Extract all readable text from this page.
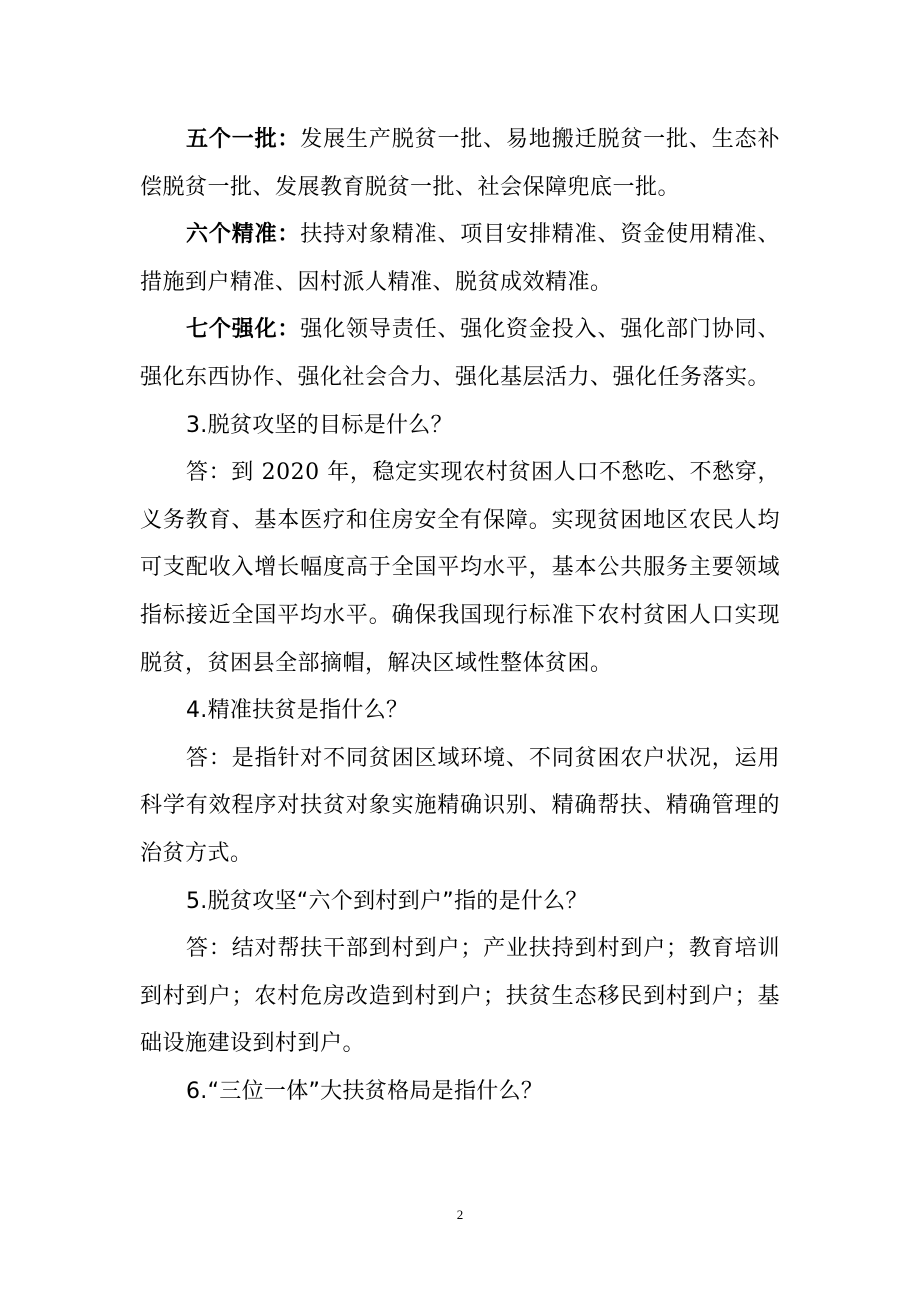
五个一批：发展生产脱贫一批、易地搬迁脱贫一批、生态补偿脱贫一批、发展教育脱贫一批、社会保障兜底一批。

六个精准：扶持对象精准、项目安排精准、资金使用精准、措施到户精准、因村派人精准、脱贫成效精准。

七个强化：强化领导责任、强化资金投入、强化部门协同、强化东西协作、强化社会合力、强化基层活力、强化任务落实。

3.脱贫攻坚的目标是什么？

答：到 2020 年，稳定实现农村贫困人口不愁吃、不愁穿，义务教育、基本医疗和住房安全有保障。实现贫困地区农民人均可支配收入增长幅度高于全国平均水平，基本公共服务主要领域指标接近全国平均水平。确保我国现行标准下农村贫困人口实现脱贫，贫困县全部摘帽，解决区域性整体贫困。

4.精准扶贫是指什么？

答：是指针对不同贫困区域环境、不同贫困农户状况，运用科学有效程序对扶贫对象实施精确识别、精确帮扶、精确管理的治贫方式。

5.脱贫攻坚“六个到村到户”指的是什么？

答：结对帮扶干部到村到户；产业扶持到村到户；教育培训到村到户；农村危房改造到村到户；扶贫生态移民到村到户；基础设施建设到村到户。

6.“三位一体”大扶贫格局是指什么？

2
